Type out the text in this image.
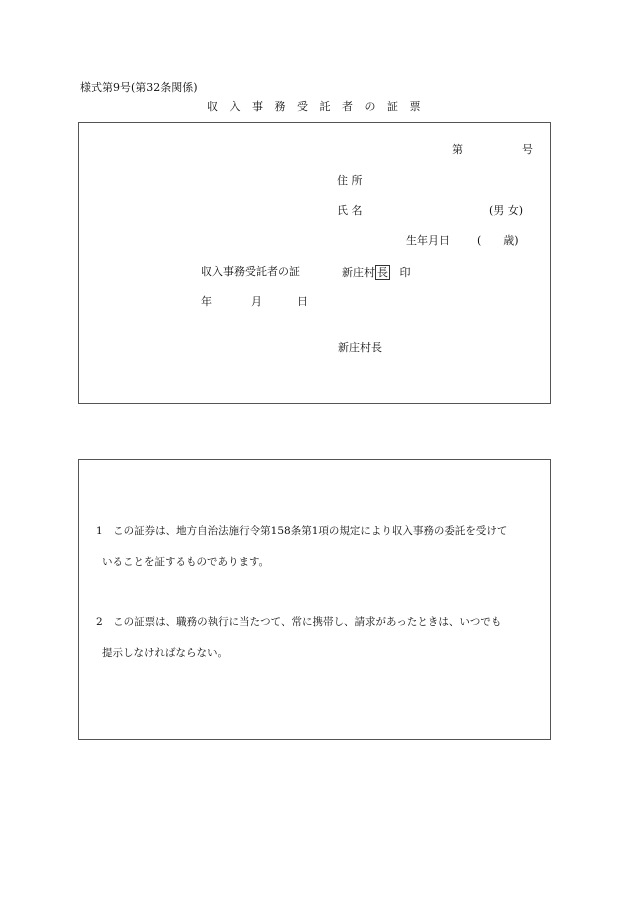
様式第9号(第32条関係)
収 入 事 務 受 託 者 の 証 票
第	号
住 所
氏 名	(男 女)
生年月日 (　　歳)
収入事務受託者の証	新庄村 長 印
年	月	日
新庄村長
1　この証券は、地方自治法施行令第158条第1項の規定により収入事務の委託を受けて
いることを証するものであります。
2　この証票は、職務の執行に当たつて、常に携帯し、請求があったときは、いつでも
提示しなければならない。
